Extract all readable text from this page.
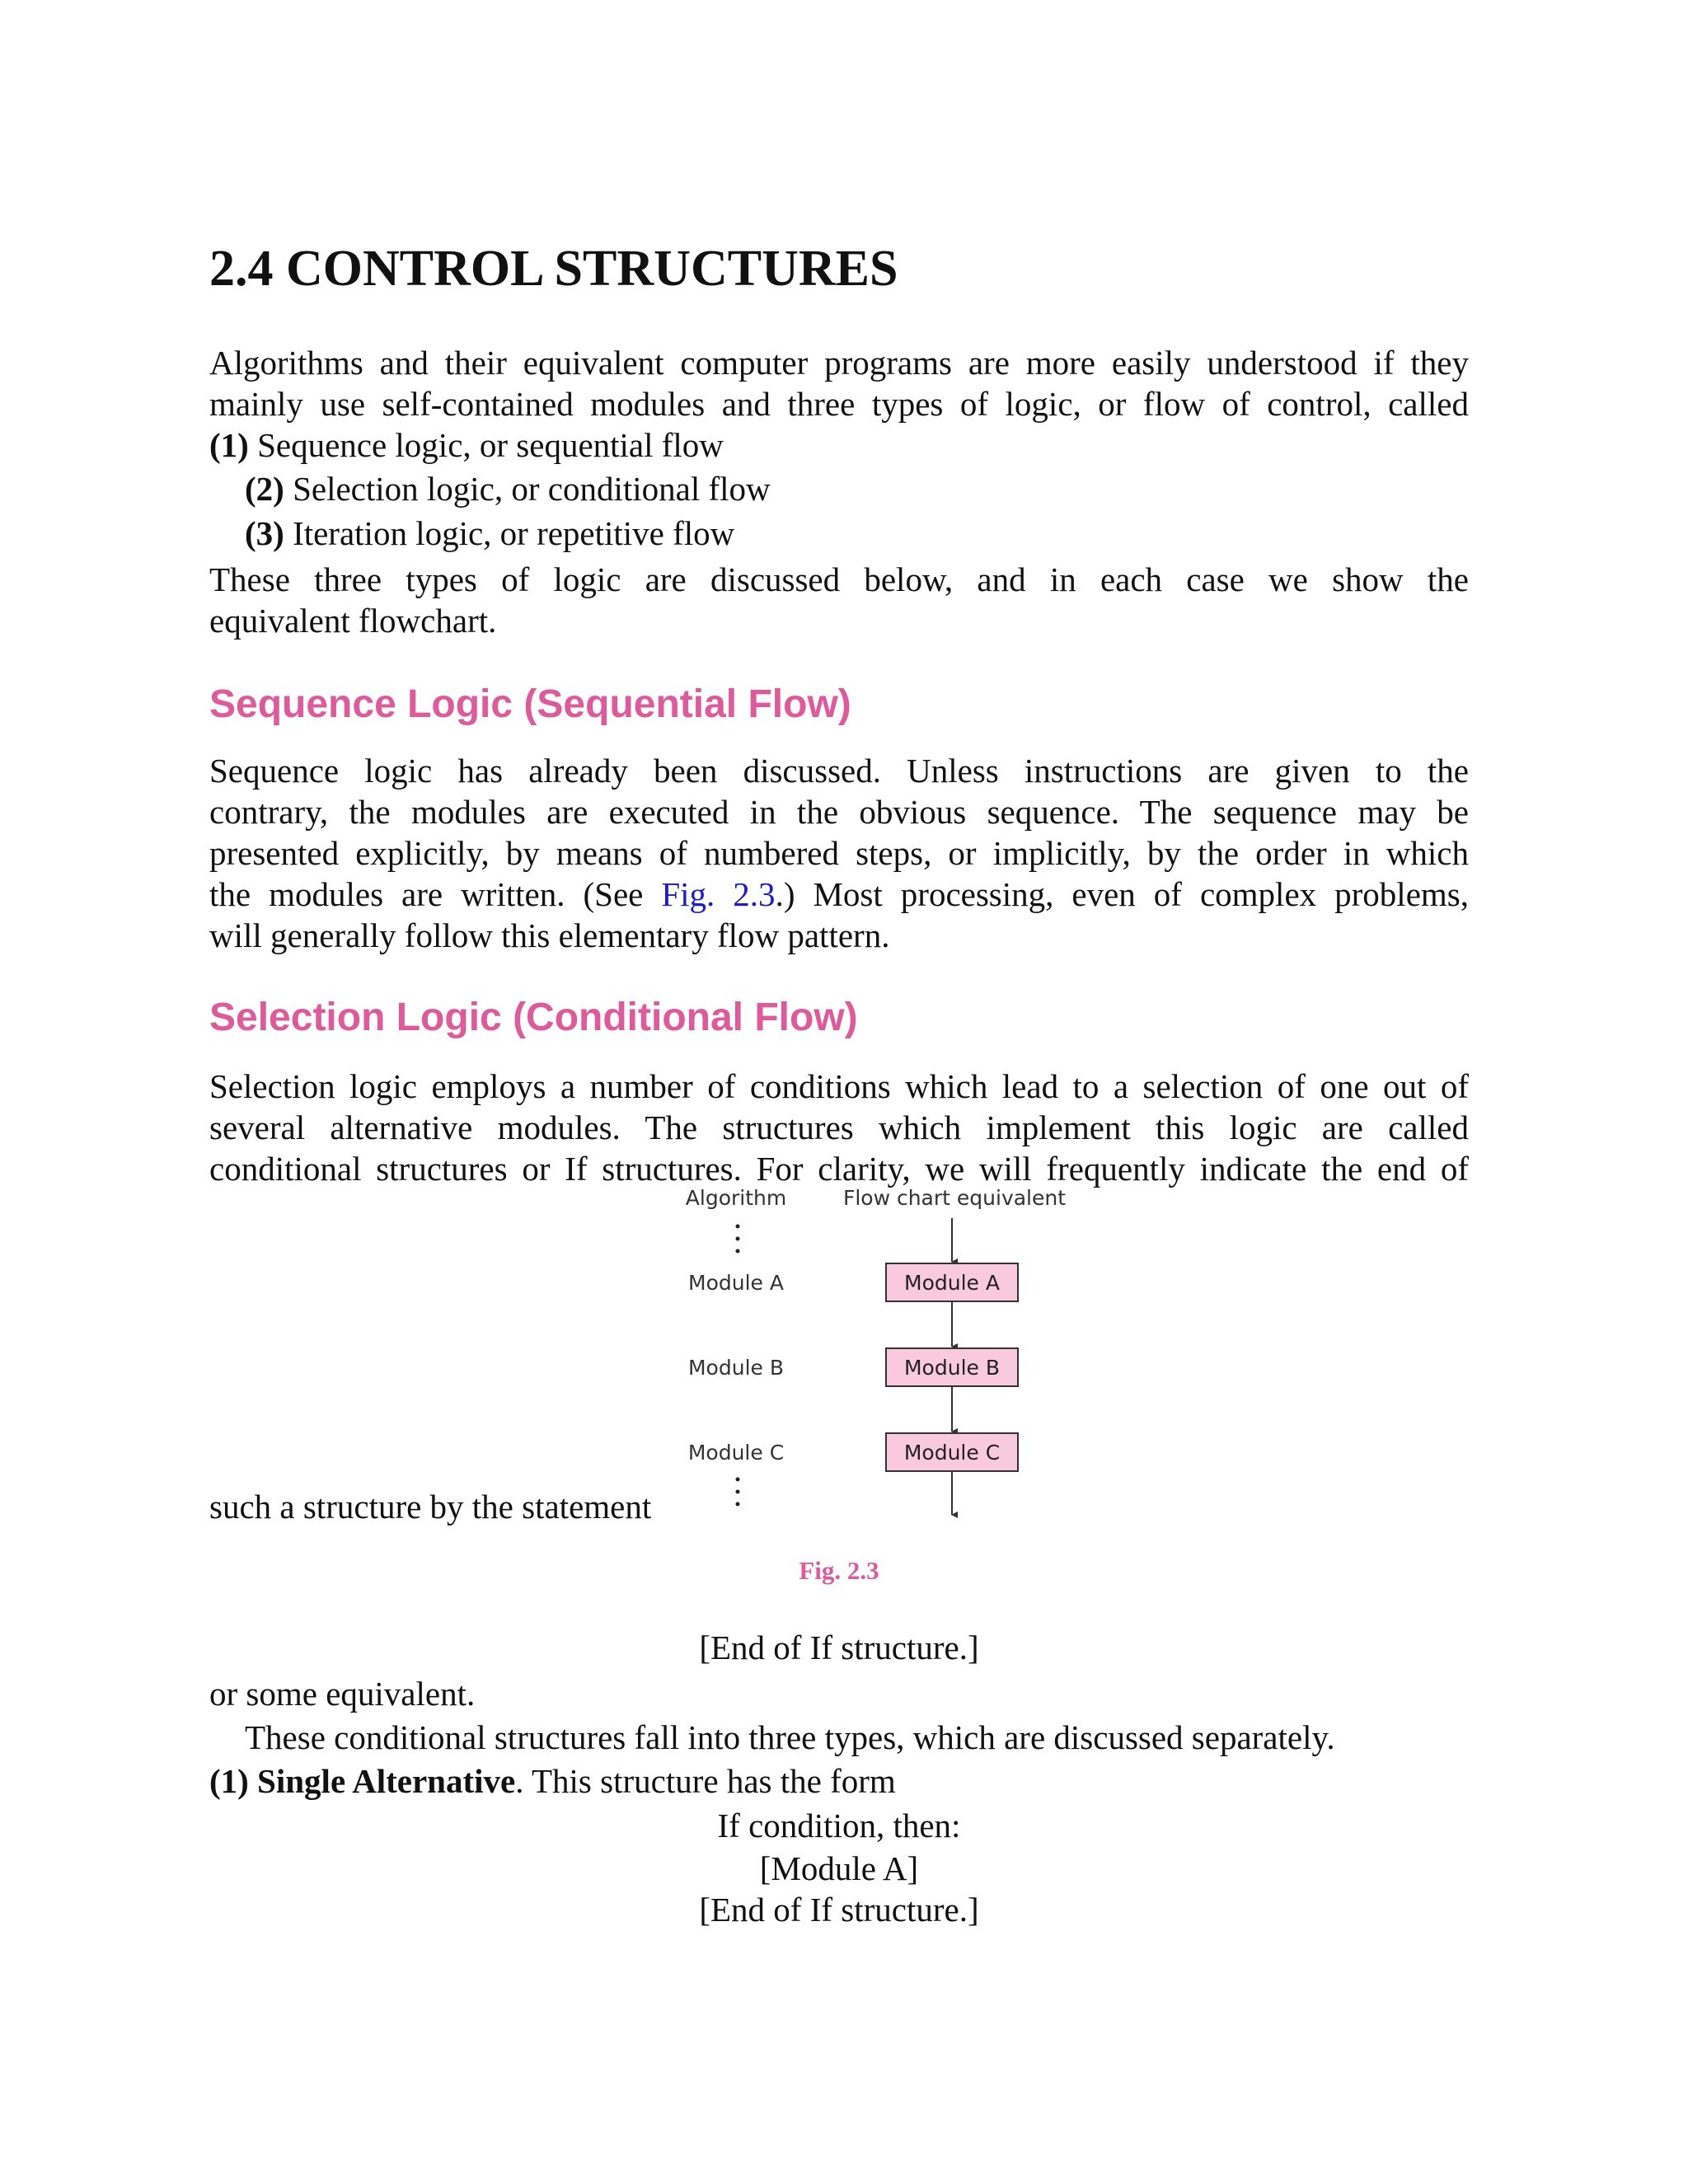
2.4 CONTROL STRUCTURES
Algorithms and their equivalent computer programs are more easily understood if they
mainly use self-contained modules and three types of logic, or flow of control, called
(1) Sequence logic, or sequential flow
(2) Selection logic, or conditional flow
(3) Iteration logic, or repetitive flow
These three types of logic are discussed below, and in each case we show the
equivalent flowchart.
Sequence Logic (Sequential Flow)
Sequence logic has already been discussed. Unless instructions are given to the
contrary, the modules are executed in the obvious sequence. The sequence may be
presented explicitly, by means of numbered steps, or implicitly, by the order in which
the modules are written. (See Fig. 2.3.) Most processing, even of complex problems,
will generally follow this elementary flow pattern.
Selection Logic (Conditional Flow)
Selection logic employs a number of conditions which lead to a selection of one out of
several alternative modules. The structures which implement this logic are called
conditional structures or If structures. For clarity, we will frequently indicate the end of
such a structure by the statement
Algorithm	Flow chart equivalent
Module A
Module B
Module C
Module A
Module B
Module C
Fig. 2.3
[End of If structure.]
or some equivalent.
These conditional structures fall into three types, which are discussed separately.
(1) Single Alternative. This structure has the form
If condition, then:
[Module A]
[End of If structure.]
